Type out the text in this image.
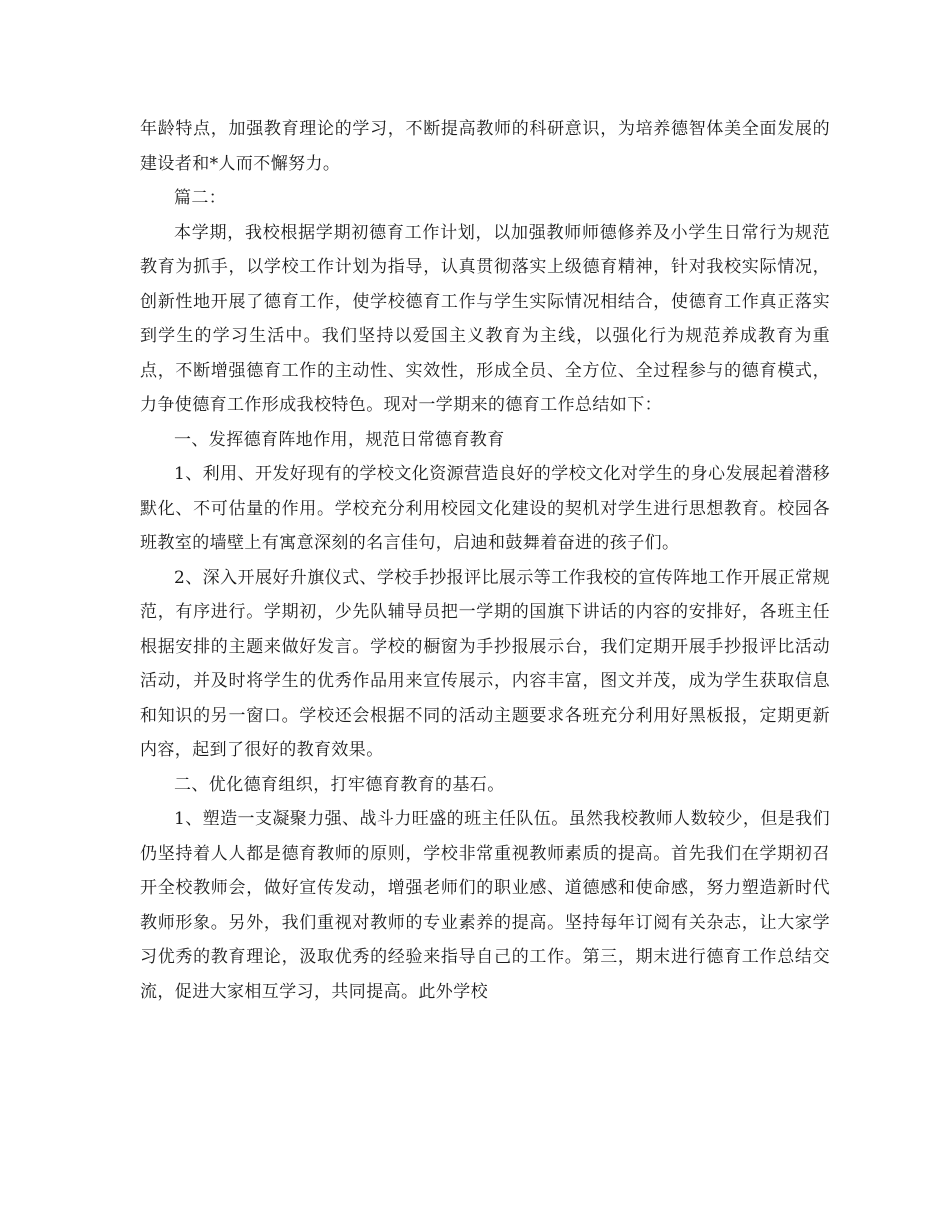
年龄特点，加强教育理论的学习，不断提高教师的科研意识，为培养德智体美全面发展的建设者和*人而不懈努力。

篇二：

本学期，我校根据学期初德育工作计划，以加强教师师德修养及小学生日常行为规范教育为抓手，以学校工作计划为指导，认真贯彻落实上级德育精神，针对我校实际情况，创新性地开展了德育工作，使学校德育工作与学生实际情况相结合，使德育工作真正落实到学生的学习生活中。我们坚持以爱国主义教育为主线，以强化行为规范养成教育为重点，不断增强德育工作的主动性、实效性，形成全员、全方位、全过程参与的德育模式，力争使德育工作形成我校特色。现对一学期来的德育工作总结如下：

一、发挥德育阵地作用，规范日常德育教育

1、利用、开发好现有的学校文化资源营造良好的学校文化对学生的身心发展起着潜移默化、不可估量的作用。学校充分利用校园文化建设的契机对学生进行思想教育。校园各班教室的墙壁上有寓意深刻的名言佳句，启迪和鼓舞着奋进的孩子们。

2、深入开展好升旗仪式、学校手抄报评比展示等工作我校的宣传阵地工作开展正常规范，有序进行。学期初，少先队辅导员把一学期的国旗下讲话的内容的安排好，各班主任根据安排的主题来做好发言。学校的橱窗为手抄报展示台，我们定期开展手抄报评比活动活动，并及时将学生的优秀作品用来宣传展示，内容丰富，图文并茂，成为学生获取信息和知识的另一窗口。学校还会根据不同的活动主题要求各班充分利用好黑板报，定期更新内容，起到了很好的教育效果。

二、优化德育组织，打牢德育教育的基石。

1、塑造一支凝聚力强、战斗力旺盛的班主任队伍。虽然我校教师人数较少，但是我们仍坚持着人人都是德育教师的原则，学校非常重视教师素质的提高。首先我们在学期初召开全校教师会，做好宣传发动，增强老师们的职业感、道德感和使命感，努力塑造新时代教师形象。另外，我们重视对教师的专业素养的提高。坚持每年订阅有关杂志，让大家学习优秀的教育理论，汲取优秀的经验来指导自己的工作。第三，期末进行德育工作总结交流，促进大家相互学习，共同提高。此外学校
